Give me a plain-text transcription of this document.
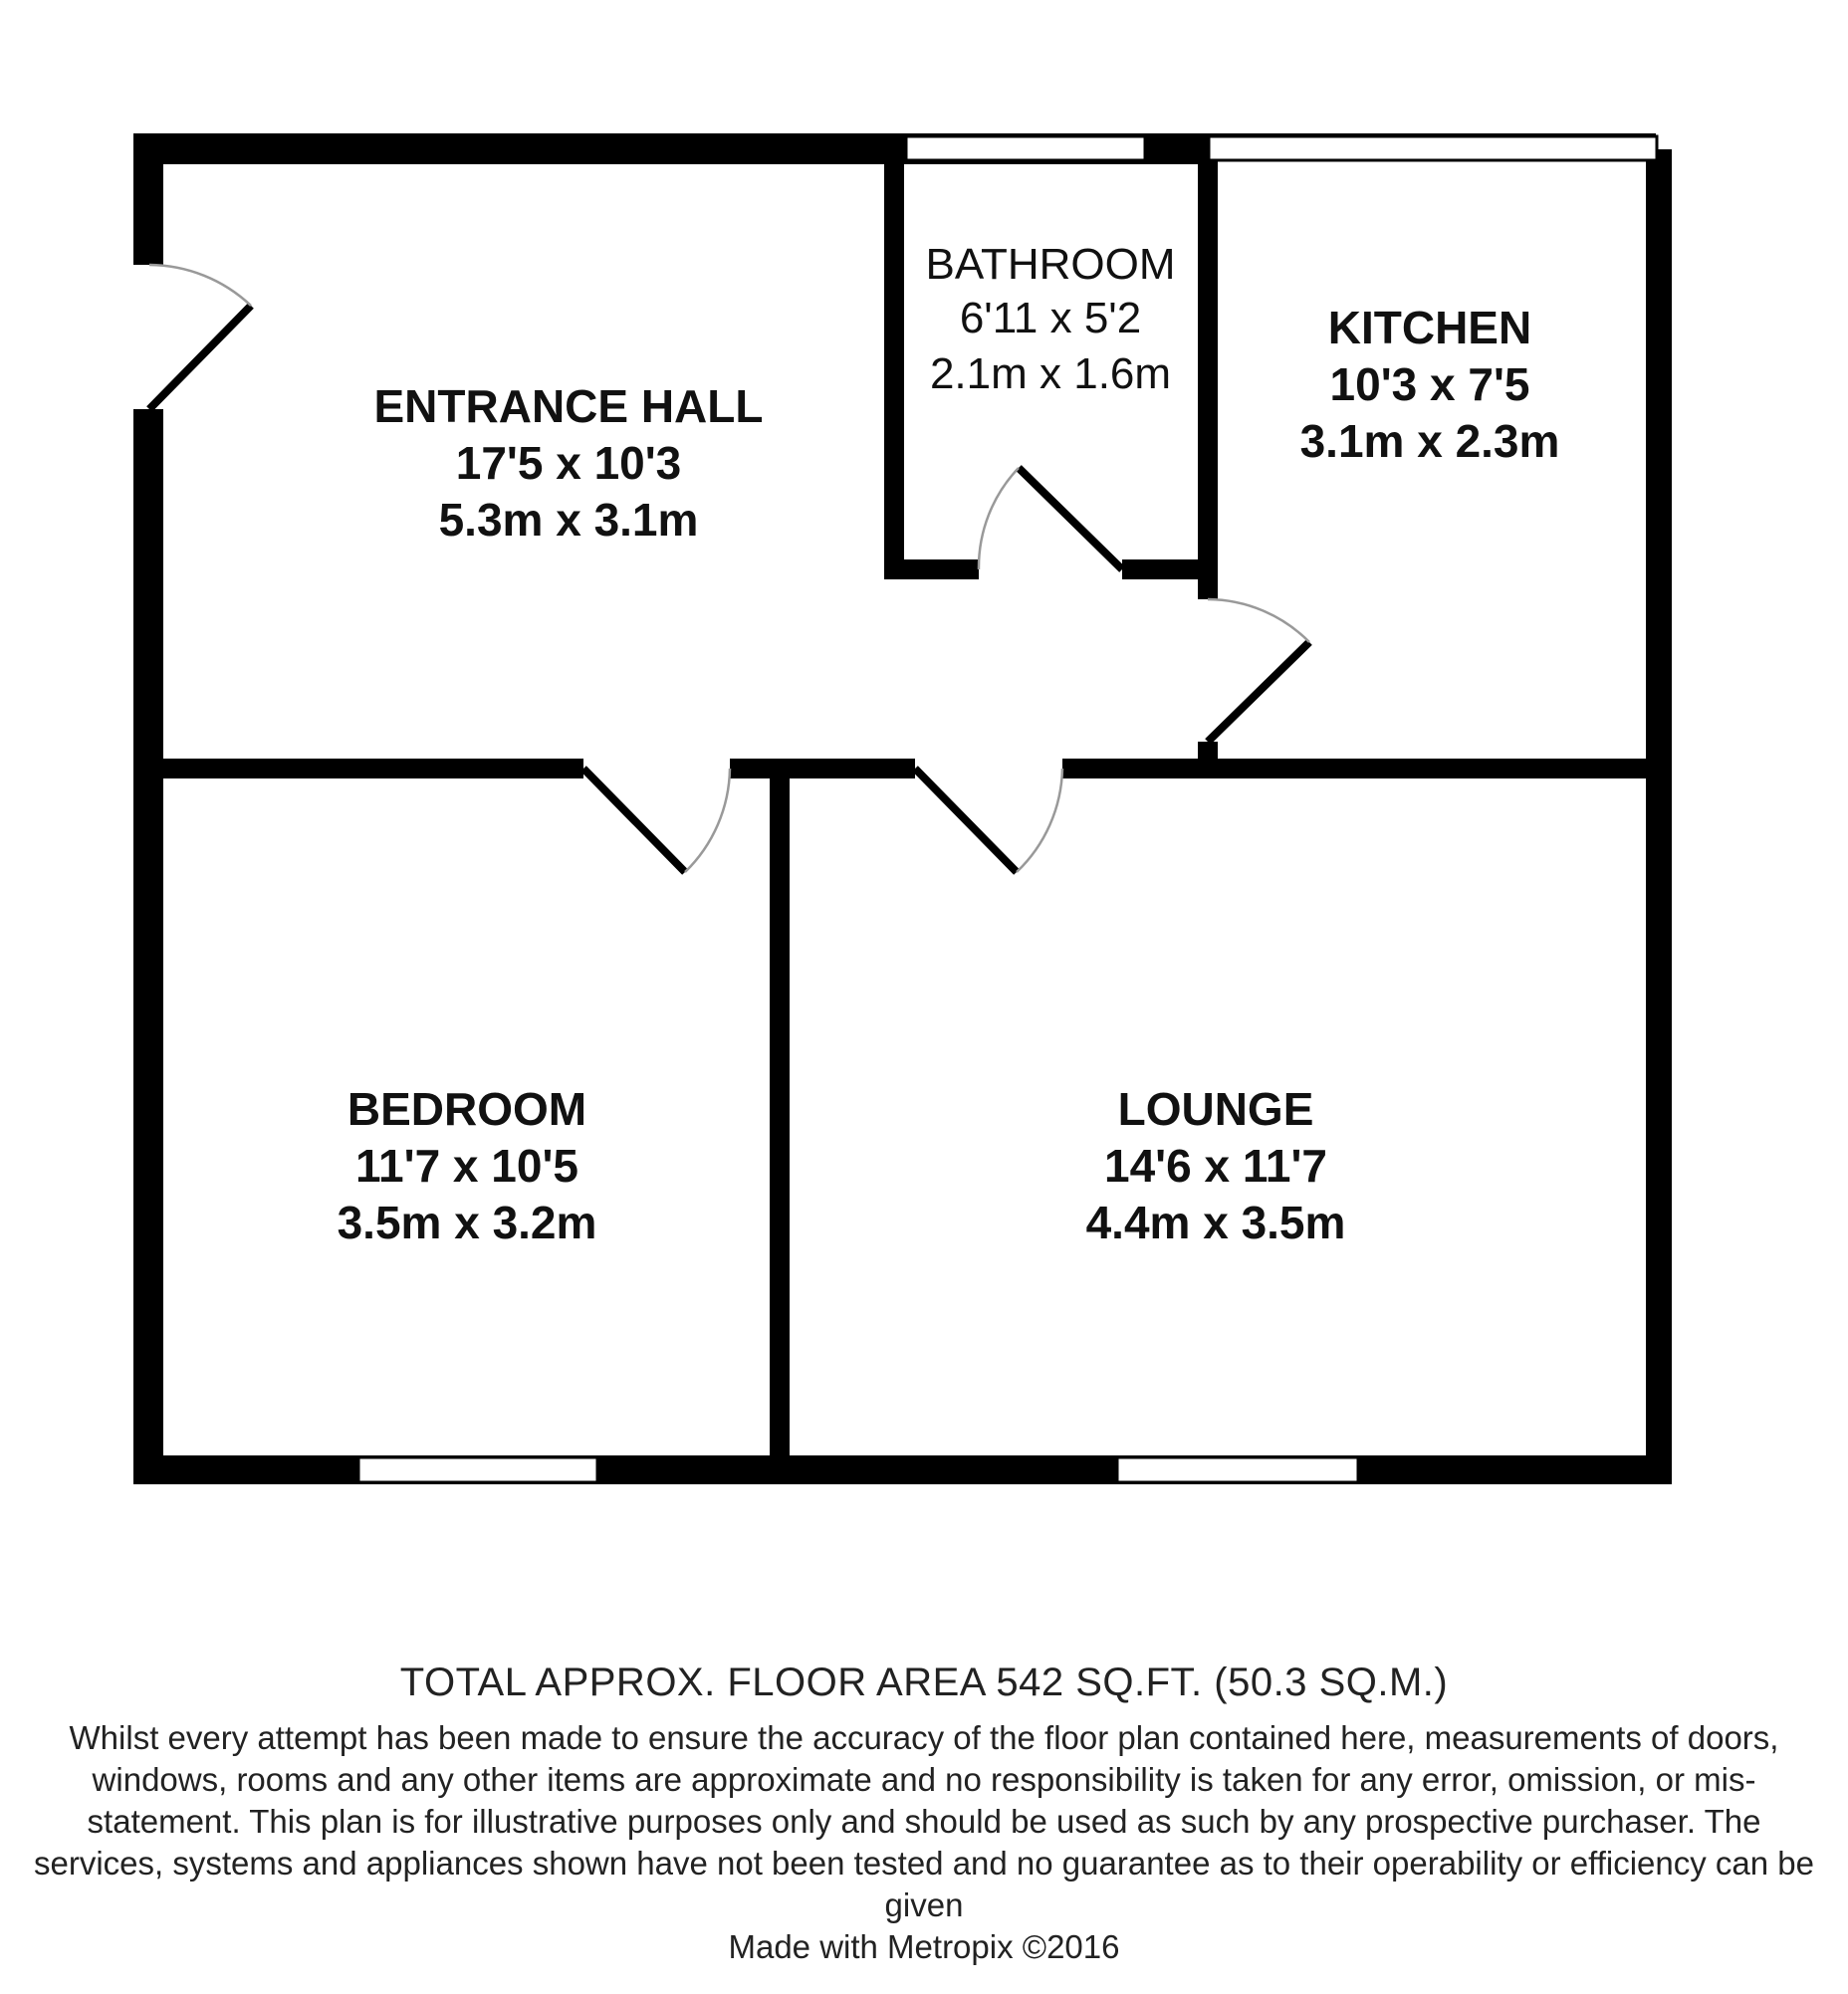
ENTRANCE HALL
17'5 x 10'3
5.3m x 3.1m
BATHROOM
6'11 x 5'2
2.1m x 1.6m
KITCHEN
10'3 x 7'5
3.1m x 2.3m
BEDROOM
11'7 x 10'5
3.5m x 3.2m
LOUNGE
14'6 x 11'7
4.4m x 3.5m

TOTAL APPROX. FLOOR AREA 542 SQ.FT. (50.3 SQ.M.)

Whilst every attempt has been made to ensure the accuracy of the floor plan contained here, measurements of doors, windows, rooms and any other items are approximate and no responsibility is taken for any error, omission, or mis-statement. This plan is for illustrative purposes only and should be used as such by any prospective purchaser. The services, systems and appliances shown have not been tested and no guarantee as to their operability or efficiency can be given

Made with Metropix ©2016
